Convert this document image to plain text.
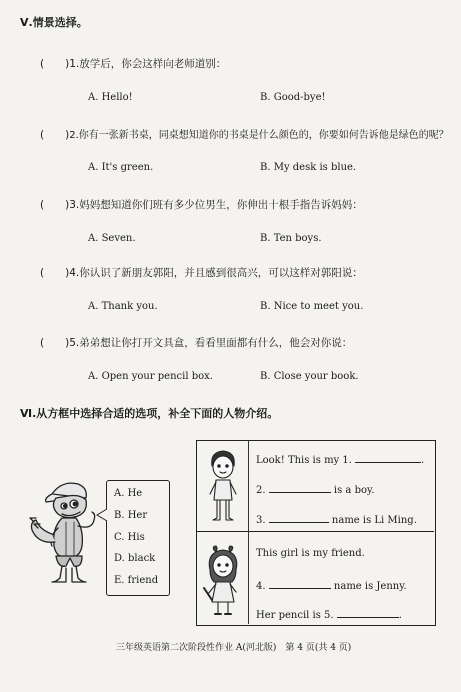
Ⅴ.情景选择。
(　　)1.放学后，你会这样向老师道别：
A. Hello!	B. Good-bye!
(　　)2.你有一张新书桌，同桌想知道你的书桌是什么颜色的，你要如何告诉他是绿色的呢？
A. It's green.	B. My desk is blue.
(　　)3.妈妈想知道你们班有多少位男生，你伸出十根手指告诉妈妈：
A. Seven.	B. Ten boys.
(　　)4.你认识了新朋友郭阳，并且感到很高兴，可以这样对郭阳说：
A. Thank you.	B. Nice to meet you.
(　　)5.弟弟想让你打开文具盒，看看里面都有什么，他会对你说：
A. Open your pencil box.	B. Close your book.
Ⅵ.从方框中选择合适的选项，补全下面的人物介绍。
A. He
B. Her
C. His
D. black
E. friend
Look! This is my 1.	.
2.	is a boy.
3.	name is Li Ming.
This girl is my friend.
4.	name is Jenny.
Her pencil is 5.	.
三年级英语第二次阶段性作业 A(河北版)　第 4 页(共 4 页)
